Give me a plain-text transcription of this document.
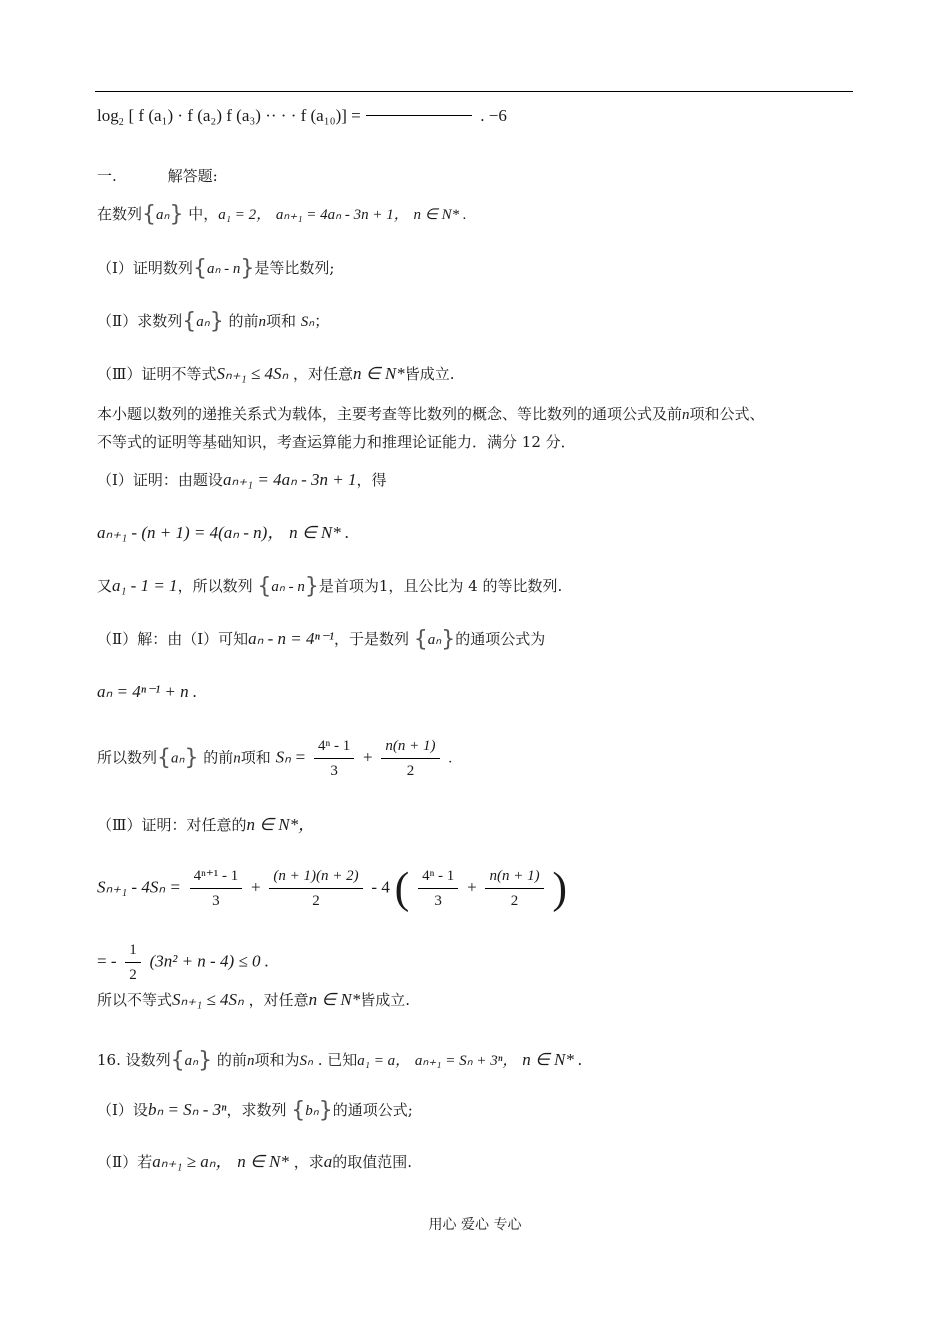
$\log_2$ [ f (a₁) · f (a₂) f (a₃) ·· · · f (a₁₀)] =	. −6
一.	解答题:
在数列{aₙ} 中，a₁ = 2， aₙ₊₁ = 4aₙ - 3n + 1， n ∈ N* .
（Ⅰ）证明数列{aₙ - n}是等比数列;
（Ⅱ）求数列{aₙ} 的前n项和 Sₙ；
（Ⅲ）证明不等式Sₙ₊₁ ≤ 4Sₙ ，对任意n ∈ N*皆成立.
本小题以数列的递推关系式为载体，主要考查等比数列的概念、等比数列的通项公式及前n项和公式、
不等式的证明等基础知识，考查运算能力和推理论证能力．满分 12 分．
（Ⅰ）证明：由题设aₙ₊₁ = 4aₙ - 3n + 1，得
aₙ₊₁ - (n + 1) = 4(aₙ - n)， n ∈ N* .
又a₁ - 1 = 1，所以数列 {aₙ - n}是首项为1，且公比为 4 的等比数列.
（Ⅱ）解：由（Ⅰ）可知aₙ - n = 4ⁿ⁻¹，于是数列 {aₙ}的通项公式为
aₙ = 4ⁿ⁻¹ + n .
所以数列{aₙ} 的前n项和 $S_n = \frac{\text{4ⁿ - 1}}{3} + \frac{n(n + 1)}{2}$ .
（Ⅲ）证明：对任意的n ∈ N*，
$S_{n+1} - 4S_n = \frac{\text{4ⁿ⁺¹ - 1}}{3} + \frac{(n + 1)(n + 2)}{2} - 4$ ( $\frac{\text{4ⁿ - 1}}{3} + \frac{n(n + 1)}{2}$ )
= - $\frac{1}{2} (3n^2 + n - 4) \le 0$ .
所以不等式Sₙ₊₁ ≤ 4Sₙ ，对任意n ∈ N*皆成立.
16. 设数列{aₙ} 的前n项和为Sₙ . 已知a₁ = a， aₙ₊₁ = Sₙ + 3ⁿ， n ∈ N* .
（Ⅰ）设bₙ = Sₙ - 3ⁿ，求数列 {bₙ}的通项公式;
（Ⅱ）若aₙ₊₁ ≥ aₙ， n ∈ N* ，求a的取值范围.
用心 爱心 专心
